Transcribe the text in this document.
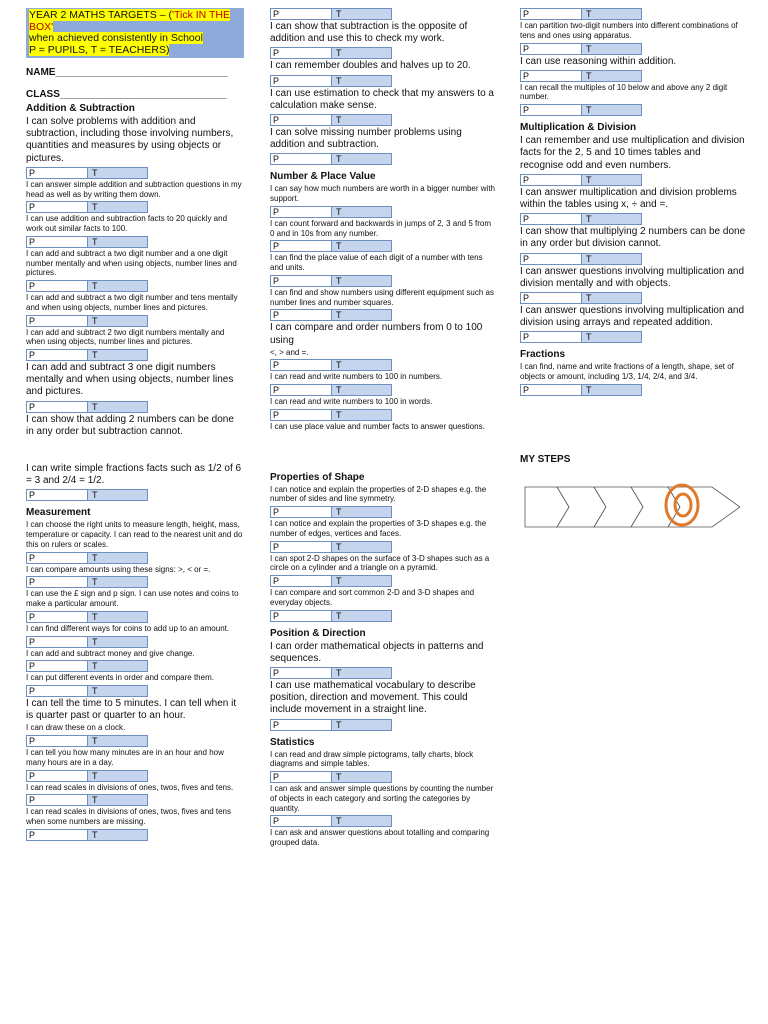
YEAR 2 MATHS TARGETS – ('Tick IN THE BOX'
when achieved consistently in School
P = PUPILS, T = TEACHERS)
NAME_______________________________
CLASS______________________________
Addition & Subtraction
I can solve problems with addition and subtraction, including those involving numbers, quantities and measures by using objects or pictures.
P	T
I can answer simple addition and subtraction questions in my head as well as by writing them down.
P	T
I can use addition and subtraction facts to 20 quickly and work out similar facts to 100.
P	T
I can add and subtract a two digit number and a one digit number mentally and when using objects, number lines and pictures.
P	T
I can add and subtract a two digit number and tens mentally and when using objects, number lines and pictures.
P	T
I can add and subtract 2 two digit numbers mentally and when using objects, number lines and pictures.
P	T
I can add and subtract 3 one digit numbers mentally and when using objects, number lines and pictures.
P	T
I can show that adding 2 numbers can be done in any order but subtraction cannot.
I can write simple fractions facts such as 1/2 of 6 = 3 and 2/4 = 1/2.
P	T
Measurement
I can choose the right units to measure length, height, mass, temperature or capacity. I can read to the nearest unit and do this on rulers or scales.
P	T
I can compare amounts using these signs: >, < or =.
P	T
I can use the £ sign and p sign. I can use notes and coins to make a particular amount.
P	T
I can find different ways for coins to add up to an amount.
P	T
I can add and subtract money and give change.
P	T
I can put different events in order and compare them.
P	T
I can tell the time to 5 minutes. I can tell when it is quarter past or quarter to an hour.
I can draw these on a clock.
P	T
I can tell you how many minutes are in an hour and how many hours are in a day.
P	T
I can read scales in divisions of ones, twos, fives and tens.
P	T
I can read scales in divisions of ones, twos, fives and tens when some numbers are missing.
P	T
P	T
I can show that subtraction is the opposite of addition and use this to check my work.
P	T
I can remember doubles and halves up to 20.
P	T
I can use estimation to check that my answers to a calculation make sense.
P	T
I can solve missing number problems using addition and subtraction.
P	T
Number & Place Value
I can say how much numbers are worth in a bigger number with support.
P	T
I can count forward and backwards in jumps of 2, 3 and 5 from 0 and in 10s from any number.
P	T
I can find the place value of each digit of a number with tens and units.
P	T
I can find and show numbers using different equipment such as number lines and number squares.
P	T
I can compare and order numbers from 0 to 100 using
<, > and =.
P	T
I can read and write numbers to 100 in numbers.
P	T
I can read and write numbers to 100 in words.
P	T
I can use place value and number facts to answer questions.
Properties of Shape
I can notice and explain the properties of 2-D shapes e.g. the number of sides and line symmetry.
P	T
I can notice and explain the properties of 3-D shapes e.g. the number of edges, vertices and faces.
P	T
I can spot 2-D shapes on the surface of 3-D shapes such as a circle on a cylinder and a triangle on a pyramid.
P	T
I can compare and sort common 2-D and 3-D shapes and everyday objects.
P	T
Position & Direction
I can order mathematical objects in patterns and sequences.
P	T
I can use mathematical vocabulary to describe position, direction and movement. This could include movement in a straight line.
P	T
Statistics
I can read and draw simple pictograms, tally charts, block diagrams and simple tables.
P	T
I can ask and answer simple questions by counting the number of objects in each category and sorting the categories by quantity.
P	T
I can ask and answer questions about totalling and comparing grouped data.
P	T
I can partition two-digit numbers into different combinations of tens and ones using apparatus.
P	T
I can use reasoning within addition.
P	T
I can recall the multiples of 10 below and above any 2 digit number.
P	T
Multiplication & Division
I can remember and use multiplication and division facts for the 2, 5 and 10 times tables and recognise odd and even numbers.
P	T
I can answer multiplication and division problems within the tables using x, ÷ and =.
P	T
I can show that multiplying 2 numbers can be done in any order but division cannot.
P	T
I can answer questions involving multiplication and division mentally and with objects.
P	T
I can answer questions involving multiplication and division using arrays and repeated addition.
P	T
Fractions
I can find, name and write fractions of a length, shape, set of objects or amount, including 1/3, 1/4, 2/4, and 3/4.
P	T
MY STEPS
